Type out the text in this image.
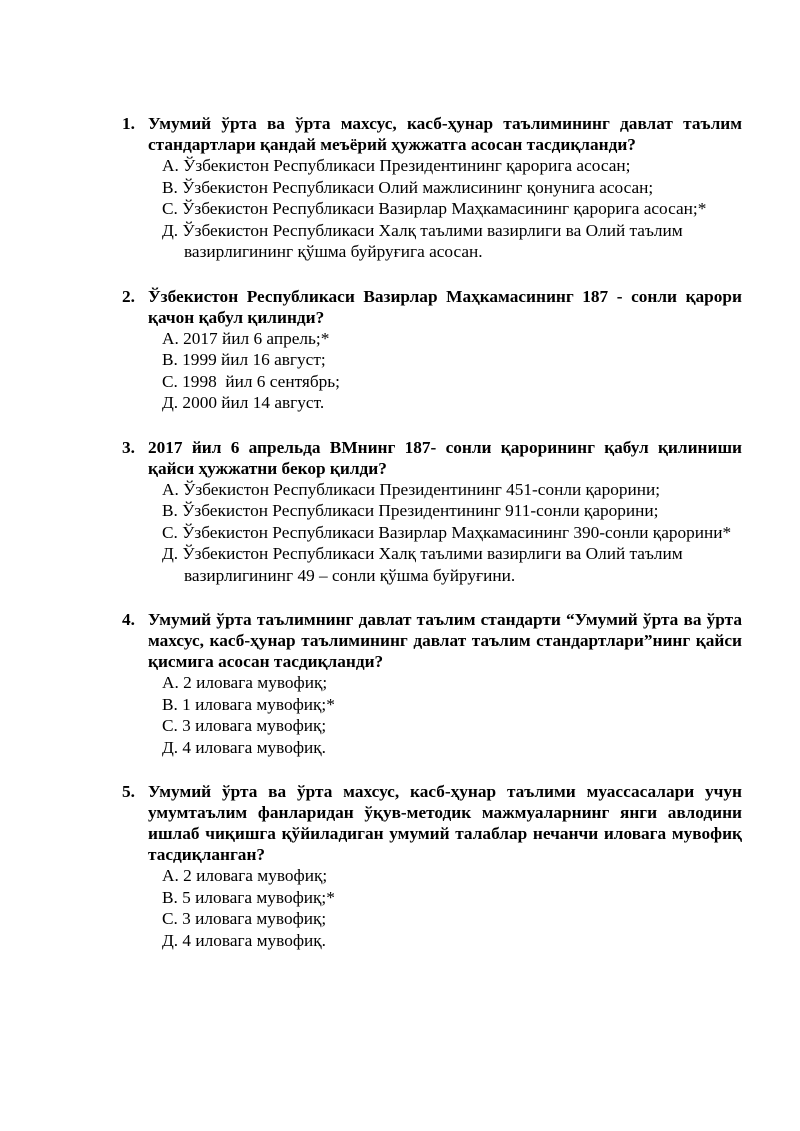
1. Умумий ўрта ва ўрта махсус, касб-ҳунар таълимининг давлат таълим стандартлари қандай меъёрий ҳужжатга асосан тасдиқланди?
А. Ўзбекистон Республикаси Президентининг қарорига асосан;
В. Ўзбекистон Республикаси Олий мажлисининг қонунига асосан;
С. Ўзбекистон Республикаси Вазирлар Маҳкамасининг қарорига асосан;*
Д. Ўзбекистон Республикаси Халқ таълими вазирлиги ва Олий таълим вазирлигининг қўшма буйруғига асосан.
2. Ўзбекистон Республикаси Вазирлар Маҳкамасининг 187 - сонли қарори қачон қабул қилинди?
А. 2017 йил 6 апрель;*
В. 1999 йил 16 август;
С. 1998  йил 6 сентябрь;
Д. 2000 йил 14 август.
3. 2017 йил 6 апрельда ВМнинг 187- сонли қарорининг қабул қилиниши қайси ҳужжатни бекор қилди?
А. Ўзбекистон Республикаси Президентининг 451-сонли қарорини;
В. Ўзбекистон Республикаси Президентининг 911-сонли қарорини;
С. Ўзбекистон Республикаси Вазирлар Маҳкамасининг 390-сонли қарорини*
Д. Ўзбекистон Республикаси Халқ таълими вазирлиги ва Олий таълим вазирлигининг 49 – сонли қўшма буйруғини.
4. Умумий ўрта таълимнинг давлат таълим стандарти “Умумий ўрта ва ўрта махсус, касб-ҳунар таълимининг давлат таълим стандартлари”нинг қайси қисмига асосан тасдиқланди?
А. 2 иловага мувофиқ;
В. 1 иловага мувофиқ;*
С. 3 иловага мувофиқ;
Д. 4 иловага мувофиқ.
5. Умумий ўрта ва ўрта махсус, касб-ҳунар таълими муассасалари учун умумтаълим фанларидан ўқув-методик мажмуаларнинг янги авлодини ишлаб чиқишга қўйиладиган умумий талаблар нечанчи иловага мувофиқ тасдиқланган?
А. 2 иловага мувофиқ;
В. 5 иловага мувофиқ;*
С. 3 иловага мувофиқ;
Д. 4 иловага мувофиқ.
